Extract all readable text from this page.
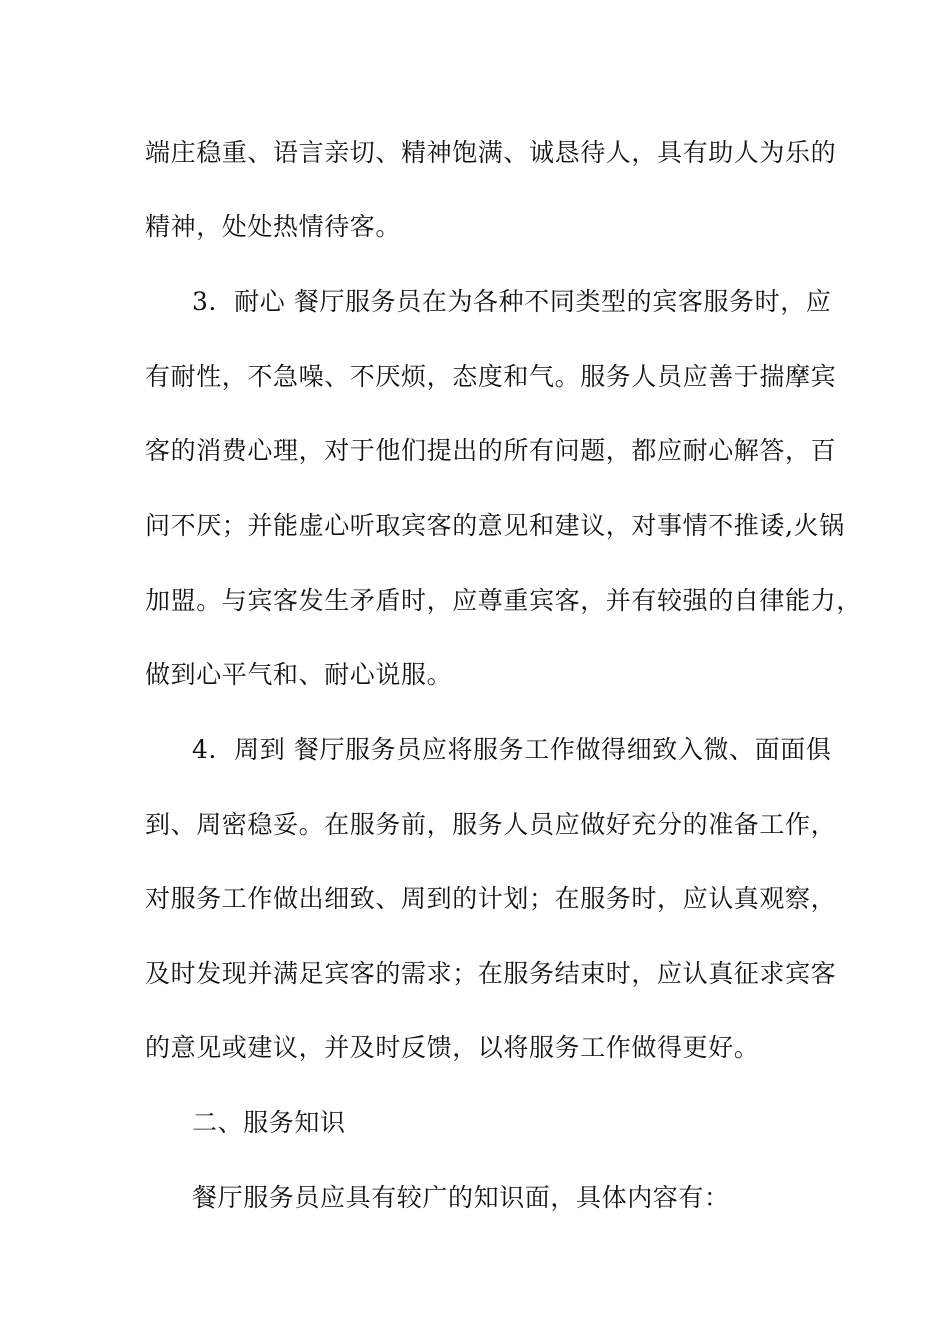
端庄稳重、语言亲切、精神饱满、诚恳待人，具有助人为乐的

精神，处处热情待客。

3．耐心 餐厅服务员在为各种不同类型的宾客服务时，应

有耐性，不急噪、不厌烦，态度和气。服务人员应善于揣摩宾

客的消费心理，对于他们提出的所有问题，都应耐心解答，百

问不厌；并能虚心听取宾客的意见和建议，对事情不推诿,火锅

加盟。与宾客发生矛盾时，应尊重宾客，并有较强的自律能力，

做到心平气和、耐心说服。

4．周到 餐厅服务员应将服务工作做得细致入微、面面俱

到、周密稳妥。在服务前，服务人员应做好充分的准备工作，

对服务工作做出细致、周到的计划；在服务时，应认真观察，

及时发现并满足宾客的需求；在服务结束时，应认真征求宾客

的意见或建议，并及时反馈，以将服务工作做得更好。

二、服务知识

餐厅服务员应具有较广的知识面，具体内容有：
